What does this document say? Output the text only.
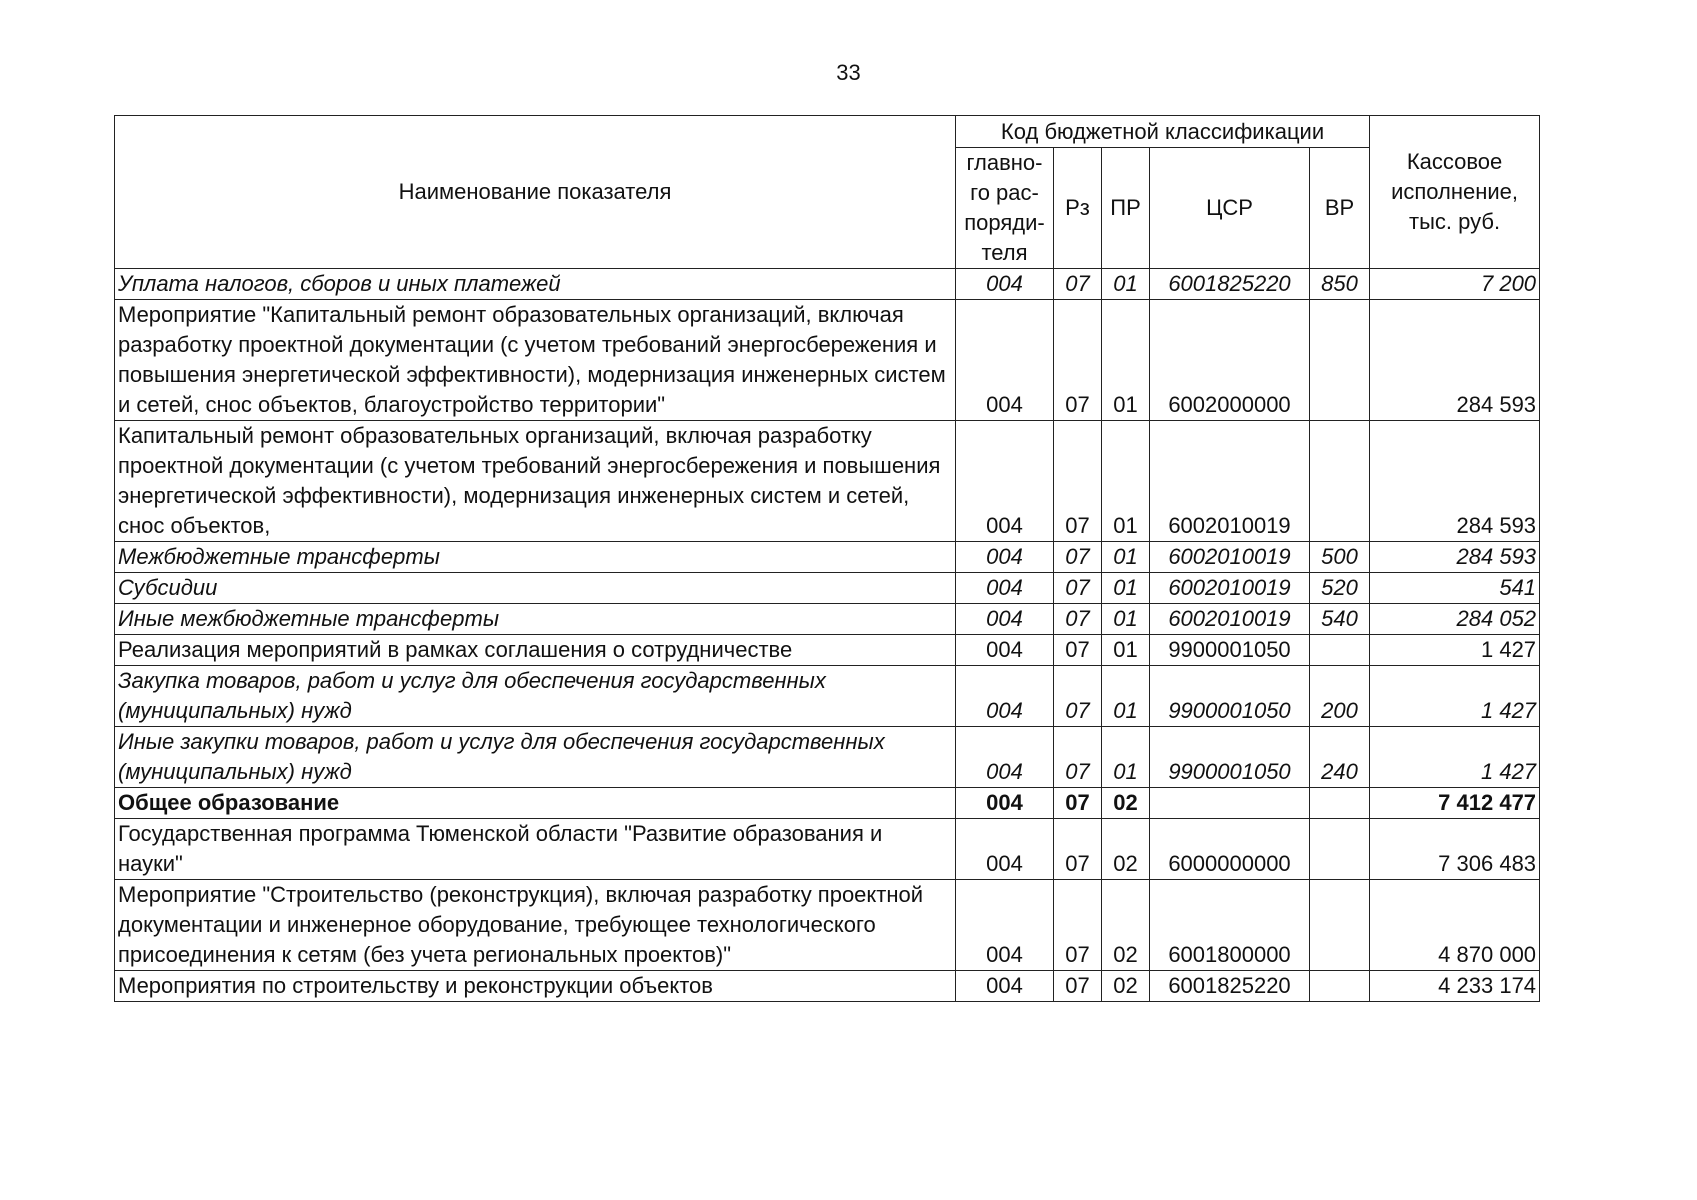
33
Наименование показателя	Код бюджетной классификации					Кассовое исполнение, тыс. руб.
	главно-го рас-поряди-теля	Рз	ПР	ЦСР	ВР	
Уплата налогов, сборов и иных платежей	004	07	01	6001825220	850	7 200
Мероприятие "Капитальный ремонт образовательных организаций, включая разработку проектной документации (с учетом требований энергосбережения и повышения энергетической эффективности), модернизация инженерных систем и сетей, снос объектов, благоустройство территории"	004	07	01	6002000000		284 593
Капитальный ремонт образовательных организаций, включая разработку проектной документации (с учетом требований энергосбережения и повышения энергетической эффективности), модернизация инженерных систем и сетей, снос объектов,	004	07	01	6002010019		284 593
Межбюджетные трансферты	004	07	01	6002010019	500	284 593
Субсидии	004	07	01	6002010019	520	541
Иные межбюджетные трансферты	004	07	01	6002010019	540	284 052
Реализация мероприятий в рамках соглашения о сотрудничестве	004	07	01	9900001050		1 427
Закупка товаров, работ и услуг для обеспечения государственных (муниципальных) нужд	004	07	01	9900001050	200	1 427
Иные закупки товаров, работ и услуг для обеспечения государственных (муниципальных) нужд	004	07	01	9900001050	240	1 427
Общее образование	004	07	02			7 412 477
Государственная программа Тюменской области "Развитие образования и науки"	004	07	02	6000000000		7 306 483
Мероприятие "Строительство (реконструкция), включая разработку проектной документации и инженерное оборудование, требующее технологического присоединения к сетям (без учета региональных проектов)"	004	07	02	6001800000		4 870 000
Мероприятия по строительству и реконструкции объектов	004	07	02	6001825220		4 233 174
